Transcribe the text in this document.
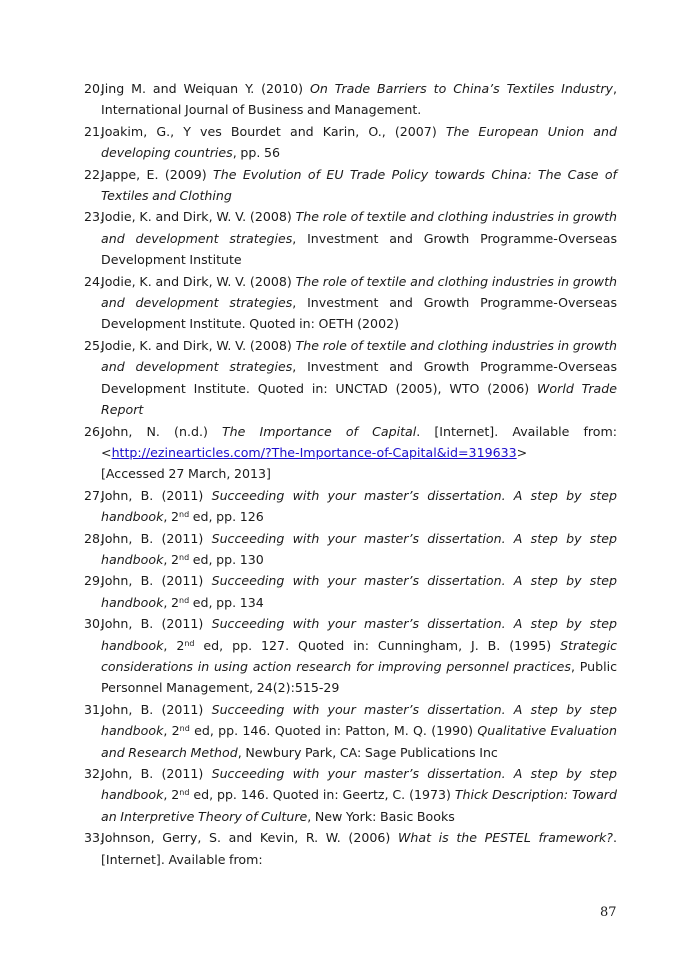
20.
Jing M. and Weiquan Y. (2010) On Trade Barriers to China’s Textiles Industry, International Journal of Business and Management.
21.
Joakim, G., Y ves Bourdet and Karin, O., (2007) The European Union and developing countries, pp. 56
22.
Jappe, E. (2009) The Evolution of EU Trade Policy towards China: The Case of Textiles and Clothing
23.
Jodie, K. and Dirk, W. V. (2008) The role of textile and clothing industries in growth and development strategies, Investment and Growth Programme-Overseas Development Institute
24.
Jodie, K. and Dirk, W. V. (2008) The role of textile and clothing industries in growth and development strategies, Investment and Growth Programme-Overseas Development Institute. Quoted in: OETH (2002)
25.
Jodie, K. and Dirk, W. V. (2008) The role of textile and clothing industries in growth and development strategies, Investment and Growth Programme-Overseas Development Institute. Quoted in: UNCTAD (2005), WTO (2006) World Trade Report
26.
John, N. (n.d.) The Importance of Capital. [Internet]. Available from: <http://ezinearticles.com/?The-Importance-of-Capital&id=319633>
[Accessed 27 March, 2013]
27.
John, B. (2011) Succeeding with your master’s dissertation. A step by step handbook, 2nd ed, pp. 126
28.
John, B. (2011) Succeeding with your master’s dissertation. A step by step handbook, 2nd ed, pp. 130
29.
John, B. (2011) Succeeding with your master’s dissertation. A step by step handbook, 2nd ed, pp. 134
30.
John, B. (2011) Succeeding with your master’s dissertation. A step by step handbook, 2nd ed, pp. 127. Quoted in: Cunningham, J. B. (1995) Strategic considerations in using action research for improving personnel practices, Public Personnel Management, 24(2):515-29
31.
John, B. (2011) Succeeding with your master’s dissertation. A step by step handbook, 2nd ed, pp. 146. Quoted in: Patton, M. Q. (1990) Qualitative Evaluation and Research Method, Newbury Park, CA: Sage Publications Inc
32.
John, B. (2011) Succeeding with your master’s dissertation. A step by step handbook, 2nd ed, pp. 146. Quoted in: Geertz, C. (1973) Thick Description: Toward an Interpretive Theory of Culture, New York: Basic Books
33.
Johnson, Gerry, S. and Kevin, R. W. (2006) What is the PESTEL framework?. [Internet]. Available from:
87
